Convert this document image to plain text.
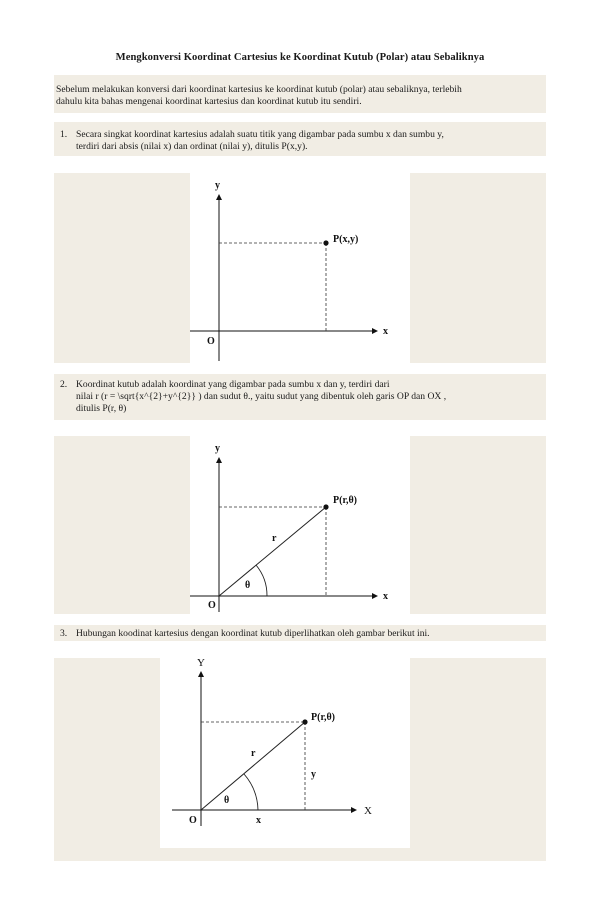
Mengkonversi Koordinat Cartesius ke Koordinat Kutub (Polar) atau Sebaliknya
Sebelum melakukan konversi dari koordinat kartesius ke koordinat kutub (polar) atau sebaliknya, terlebih
dahulu kita bahas mengenai koordinat kartesius dan koordinat kutub itu sendiri.
1. Secara singkat koordinat kartesius adalah suatu titik yang digambar pada sumbu x dan sumbu y,
terdiri dari absis (nilai x) dan ordinat (nilai y), ditulis P(x,y).
y
x
O
P(x,y)
2. Koordinat kutub adalah koordinat yang digambar pada sumbu x dan y, terdiri dari
nilai r (r = \sqrt{x^{2}+y^{2}} ) dan sudut θ., yaitu sudut yang dibentuk oleh garis OP dan OX ,
ditulis P(r, θ)
y
x
O
P(r,θ)
r
θ
3. Hubungan koodinat kartesius dengan koordinat kutub diperlihatkan oleh gambar berikut ini.
Y
X
O
P(r,θ)
r
θ
x
y
